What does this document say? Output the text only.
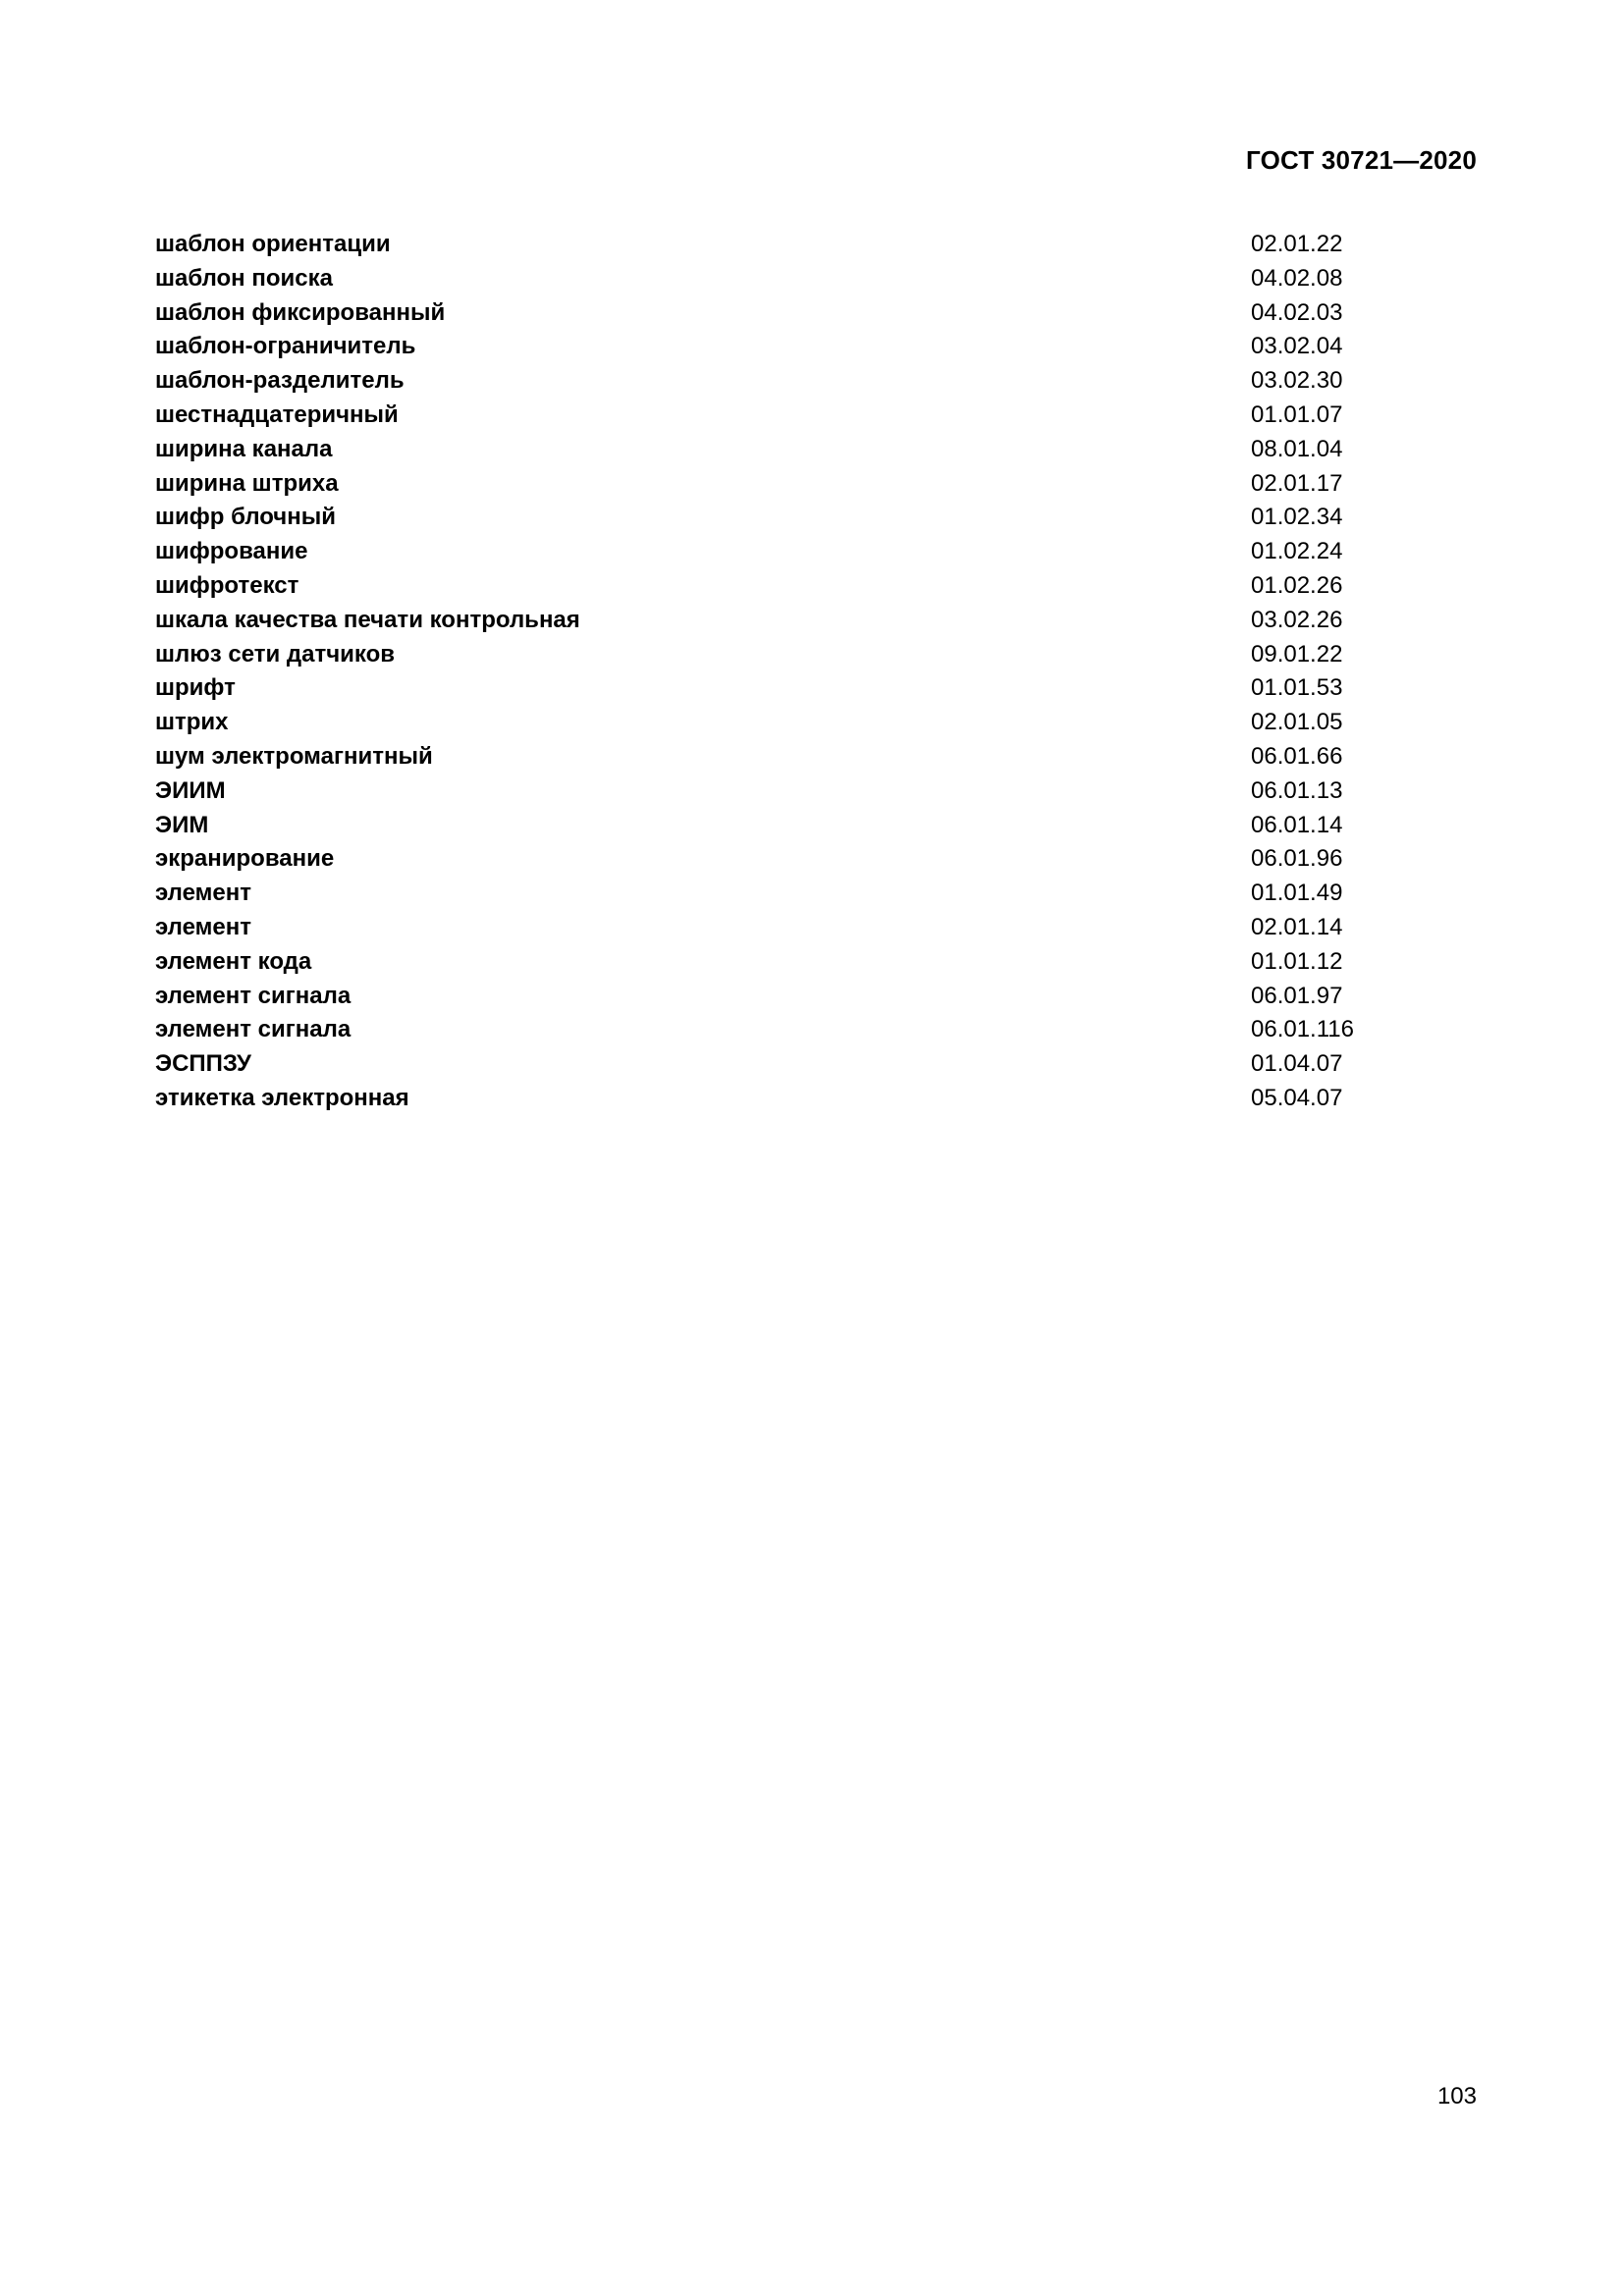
ГОСТ 30721—2020
шаблон ориентации	02.01.22
шаблон поиска	04.02.08
шаблон фиксированный	04.02.03
шаблон-ограничитель	03.02.04
шаблон-разделитель	03.02.30
шестнадцатеричный	01.01.07
ширина канала	08.01.04
ширина штриха	02.01.17
шифр блочный	01.02.34
шифрование	01.02.24
шифротекст	01.02.26
шкала качества печати контрольная	03.02.26
шлюз сети датчиков	09.01.22
шрифт	01.01.53
штрих	02.01.05
шум электромагнитный	06.01.66
ЭИИМ	06.01.13
ЭИМ	06.01.14
экранирование	06.01.96
элемент	01.01.49
элемент	02.01.14
элемент кода	01.01.12
элемент сигнала	06.01.97
элемент сигнала	06.01.116
ЭСППЗУ	01.04.07
этикетка электронная	05.04.07
103
